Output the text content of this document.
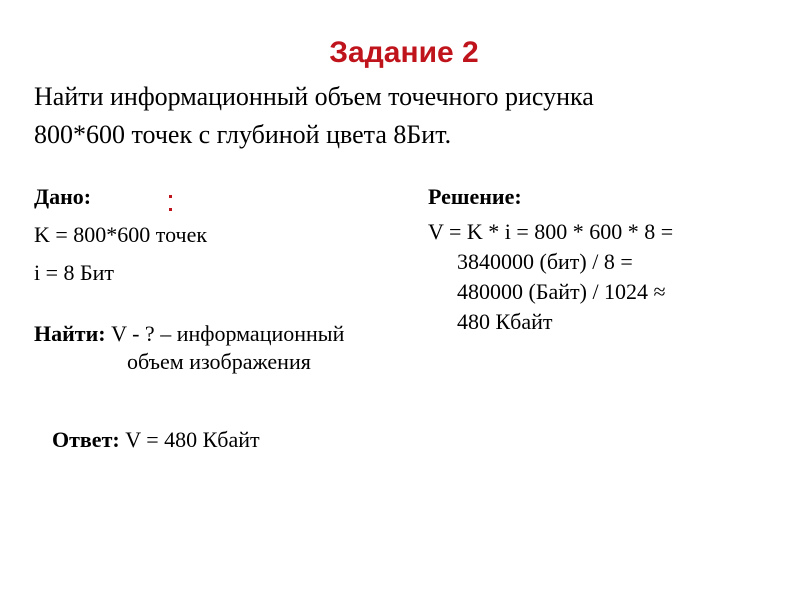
Задание 2
Найти информационный объем точечного рисунка
800*600 точек с глубиной цвета 8Бит.
Дано:
K = 800*600 точек
i = 8 Бит
Найти: V - ? – информационный
объем изображения
Решение:
V = K * i = 800 * 600 * 8 =
3840000 (бит) / 8 =
480000 (Байт) / 1024 ≈
480 Кбайт
Ответ: V = 480 Кбайт
